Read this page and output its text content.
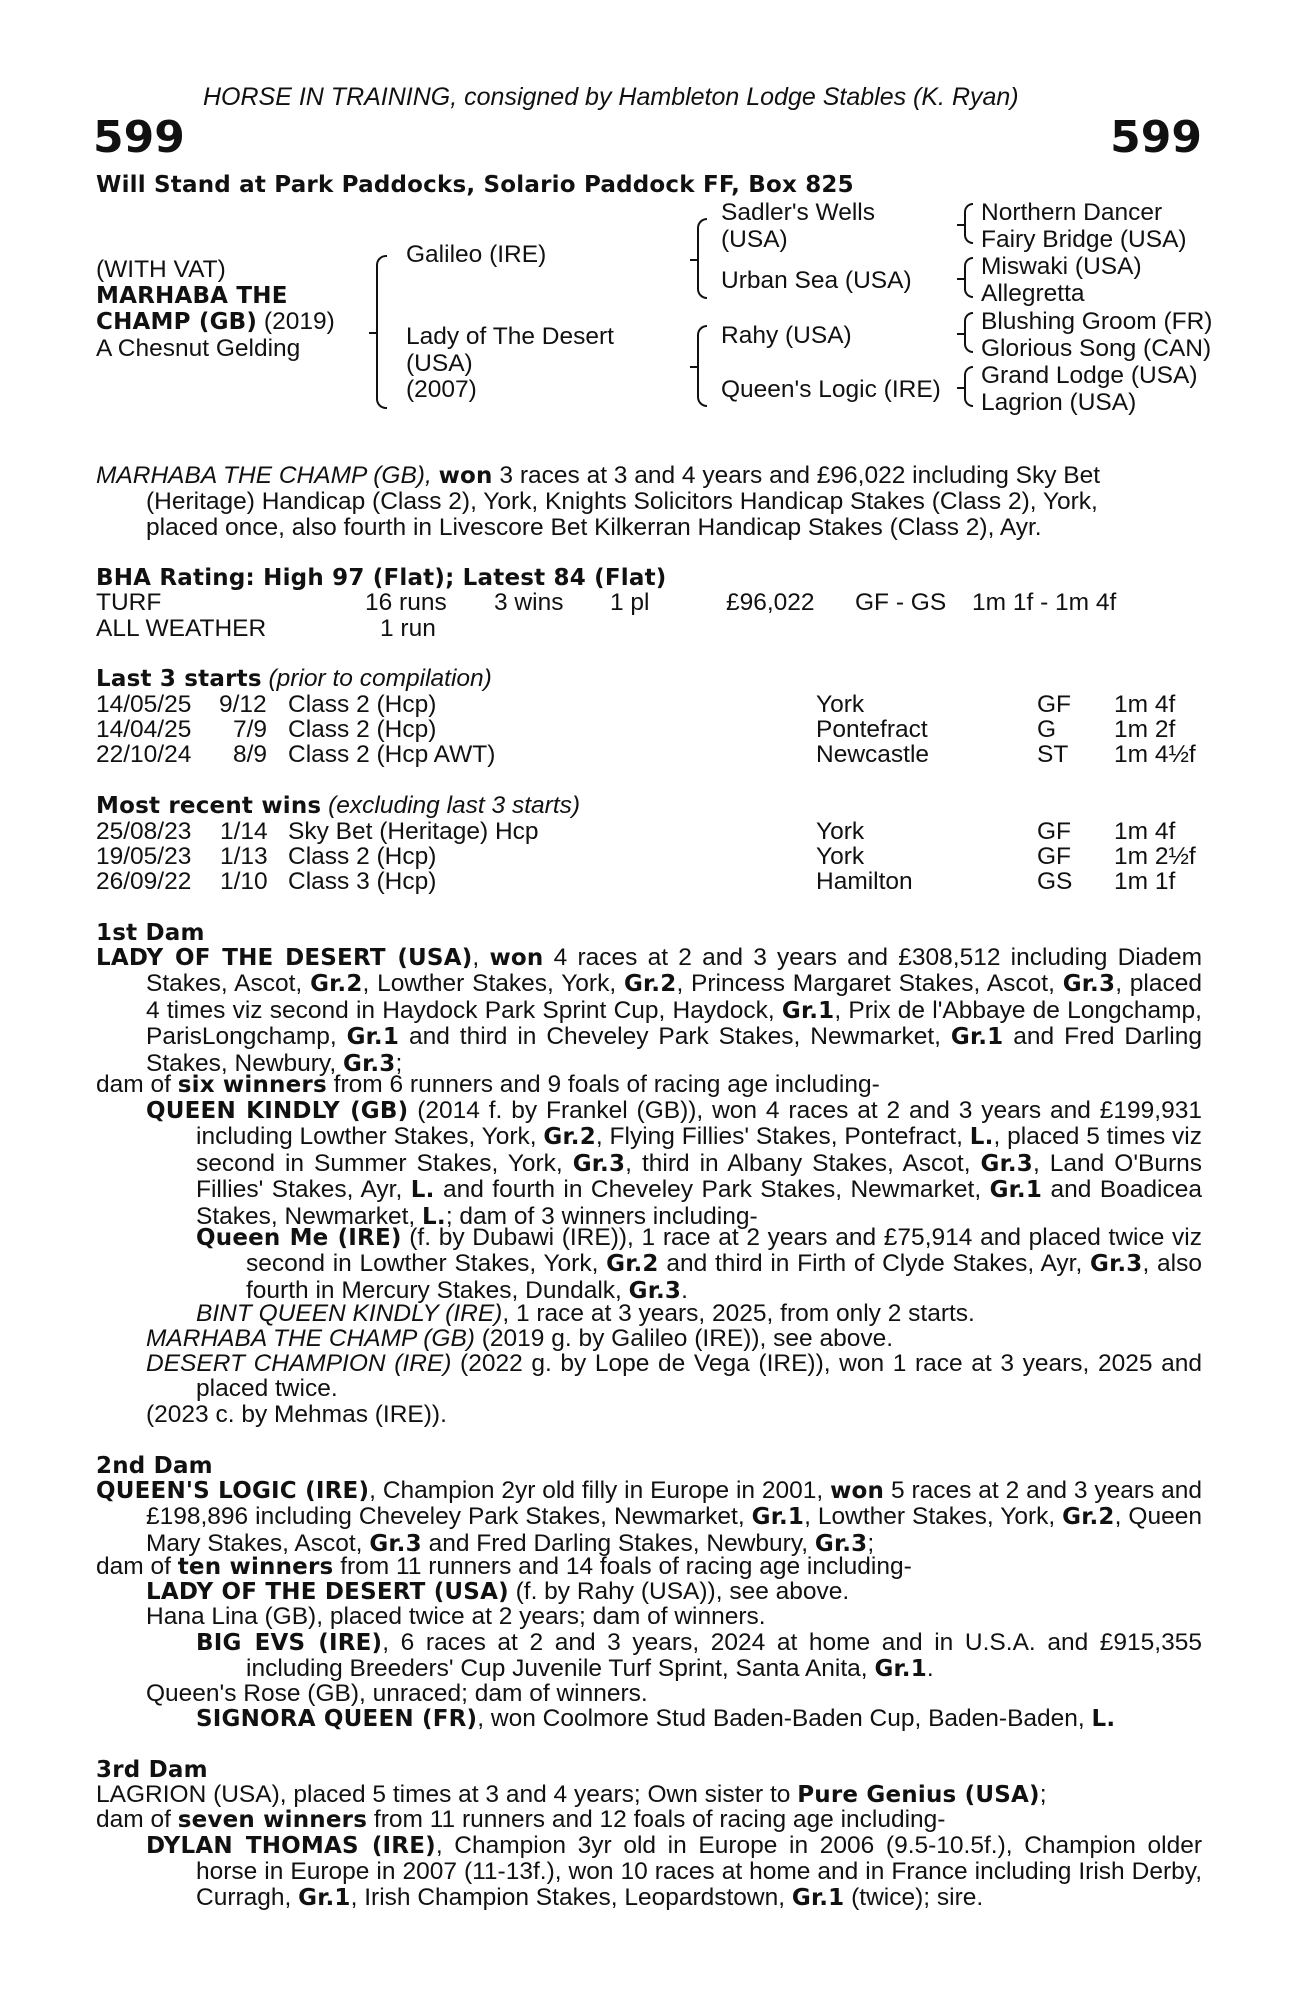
HORSE IN TRAINING, consigned by Hambleton Lodge Stables (K. Ryan)
599	599
Will Stand at Park Paddocks, Solario Paddock FF, Box 825
(WITH VAT)
MARHABA THE
CHAMP (GB) (2019)
A Chesnut Gelding
Galileo (IRE)
Lady of The Desert
(USA)
(2007)
Sadler's Wells
(USA)
Urban Sea (USA)
Rahy (USA)
Queen's Logic (IRE)
Northern Dancer
Fairy Bridge (USA)
Miswaki (USA)
Allegretta
Blushing Groom (FR)
Glorious Song (CAN)
Grand Lodge (USA)
Lagrion (USA)
MARHABA THE CHAMP (GB), won 3 races at 3 and 4 years and £96,022 including Sky Bet
(Heritage) Handicap (Class 2), York, Knights Solicitors Handicap Stakes (Class 2), York,
placed once, also fourth in Livescore Bet Kilkerran Handicap Stakes (Class 2), Ayr.
BHA Rating: High 97 (Flat); Latest 84 (Flat)
TURF	16 runs 3 wins 1 pl	£96,022 GF - GS 1m 1f - 1m 4f
ALL WEATHER	1 run
Last 3 starts (prior to compilation)
14/05/25 9/12 Class 2 (Hcp)	York	GF 1m 4f
14/04/25 7/9 Class 2 (Hcp)	Pontefract	G 1m 2f
22/10/24 8/9 Class 2 (Hcp AWT)	Newcastle	ST 1m 4½f
Most recent wins (excluding last 3 starts)
25/08/23 1/14 Sky Bet (Heritage) Hcp	York	GF 1m 4f
19/05/23 1/13 Class 2 (Hcp)	York	GF 1m 2½f
26/09/22 1/10 Class 3 (Hcp)	Hamilton	GS 1m 1f
1st Dam
LADY OF THE DESERT (USA), won 4 races at 2 and 3 years and £308,512 including Diadem Stakes, Ascot, Gr.2, Lowther Stakes, York, Gr.2, Princess Margaret Stakes, Ascot, Gr.3, placed 4 times viz second in Haydock Park Sprint Cup, Haydock, Gr.1, Prix de l'Abbaye de Longchamp, ParisLongchamp, Gr.1 and third in Cheveley Park Stakes, Newmarket, Gr.1 and Fred Darling Stakes, Newbury, Gr.3;
dam of six winners from 6 runners and 9 foals of racing age including-
QUEEN KINDLY (GB) (2014 f. by Frankel (GB)), won 4 races at 2 and 3 years and £199,931 including Lowther Stakes, York, Gr.2, Flying Fillies' Stakes, Pontefract, L., placed 5 times viz second in Summer Stakes, York, Gr.3, third in Albany Stakes, Ascot, Gr.3, Land O'Burns Fillies' Stakes, Ayr, L. and fourth in Cheveley Park Stakes, Newmarket, Gr.1 and Boadicea Stakes, Newmarket, L.; dam of 3 winners including-
Queen Me (IRE) (f. by Dubawi (IRE)), 1 race at 2 years and £75,914 and placed twice viz second in Lowther Stakes, York, Gr.2 and third in Firth of Clyde Stakes, Ayr, Gr.3, also fourth in Mercury Stakes, Dundalk, Gr.3.
BINT QUEEN KINDLY (IRE), 1 race at 3 years, 2025, from only 2 starts.
MARHABA THE CHAMP (GB) (2019 g. by Galileo (IRE)), see above.
DESERT CHAMPION (IRE) (2022 g. by Lope de Vega (IRE)), won 1 race at 3 years, 2025 and placed twice.
(2023 c. by Mehmas (IRE)).
2nd Dam
QUEEN'S LOGIC (IRE), Champion 2yr old filly in Europe in 2001, won 5 races at 2 and 3 years and £198,896 including Cheveley Park Stakes, Newmarket, Gr.1, Lowther Stakes, York, Gr.2, Queen Mary Stakes, Ascot, Gr.3 and Fred Darling Stakes, Newbury, Gr.3;
dam of ten winners from 11 runners and 14 foals of racing age including-
LADY OF THE DESERT (USA) (f. by Rahy (USA)), see above.
Hana Lina (GB), placed twice at 2 years; dam of winners.
BIG EVS (IRE), 6 races at 2 and 3 years, 2024 at home and in U.S.A. and £915,355 including Breeders' Cup Juvenile Turf Sprint, Santa Anita, Gr.1.
Queen's Rose (GB), unraced; dam of winners.
SIGNORA QUEEN (FR), won Coolmore Stud Baden-Baden Cup, Baden-Baden, L.
3rd Dam
LAGRION (USA), placed 5 times at 3 and 4 years; Own sister to Pure Genius (USA);
dam of seven winners from 11 runners and 12 foals of racing age including-
DYLAN THOMAS (IRE), Champion 3yr old in Europe in 2006 (9.5-10.5f.), Champion older horse in Europe in 2007 (11-13f.), won 10 races at home and in France including Irish Derby, Curragh, Gr.1, Irish Champion Stakes, Leopardstown, Gr.1 (twice); sire.
